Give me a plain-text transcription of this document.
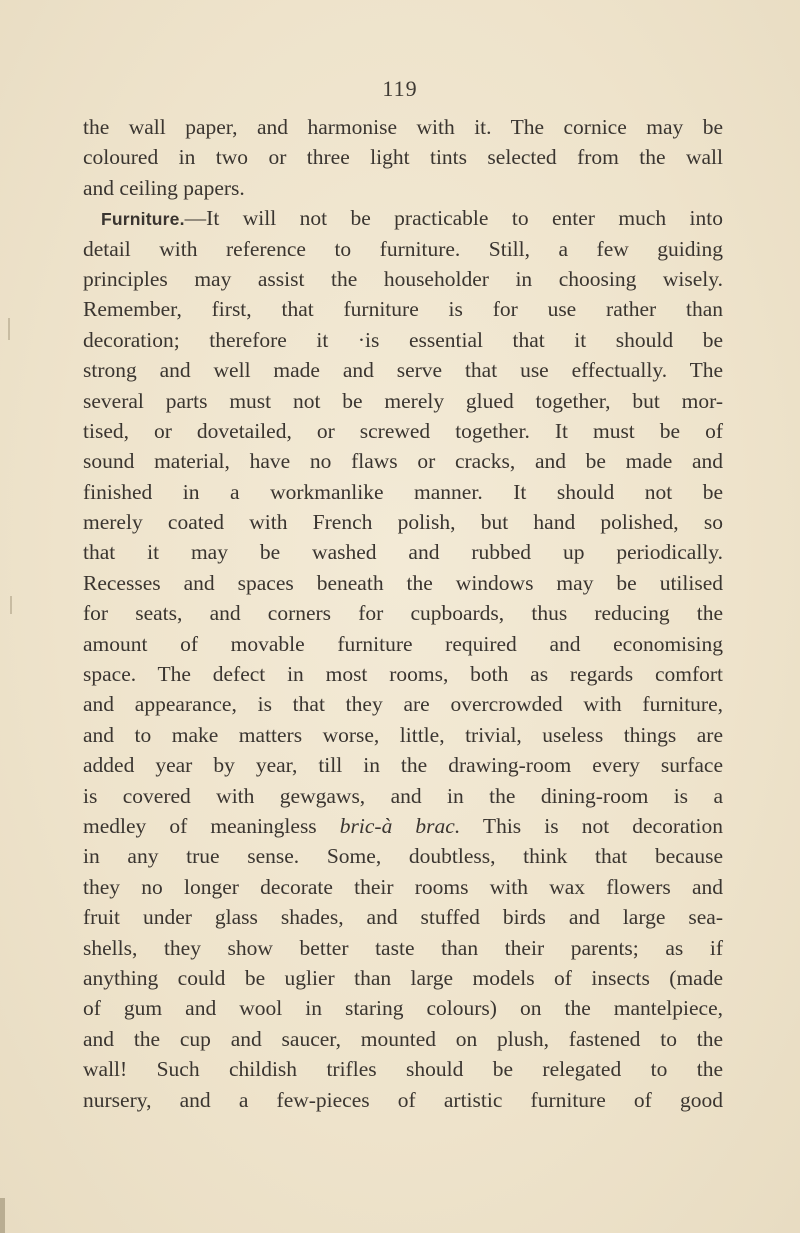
119
the wall paper, and harmonise with it. The cornice may be
coloured in two or three light tints selected from the wall
and ceiling papers.
Furniture.—It will not be practicable to enter much into
detail with reference to furniture. Still, a few guiding
principles may assist the householder in choosing wisely.
Remember, first, that furniture is for use rather than
decoration; therefore it ·is essential that it should be
strong and well made and serve that use effectually. The
several parts must not be merely glued together, but mor-
tised, or dovetailed, or screwed together. It must be of
sound material, have no flaws or cracks, and be made and
finished in a workmanlike manner. It should not be
merely coated with French polish, but hand polished, so
that it may be washed and rubbed up periodically.
Recesses and spaces beneath the windows may be utilised
for seats, and corners for cupboards, thus reducing the
amount of movable furniture required and economising
space. The defect in most rooms, both as regards comfort
and appearance, is that they are overcrowded with furniture,
and to make matters worse, little, trivial, useless things are
added year by year, till in the drawing-room every surface
is covered with gewgaws, and in the dining-room is a
medley of meaningless bric-à brac. This is not decoration
in any true sense. Some, doubtless, think that because
they no longer decorate their rooms with wax flowers and
fruit under glass shades, and stuffed birds and large sea-
shells, they show better taste than their parents; as if
anything could be uglier than large models of insects (made
of gum and wool in staring colours) on the mantelpiece,
and the cup and saucer, mounted on plush, fastened to the
wall! Such childish trifles should be relegated to the
nursery, and a few-pieces of artistic furniture of good
